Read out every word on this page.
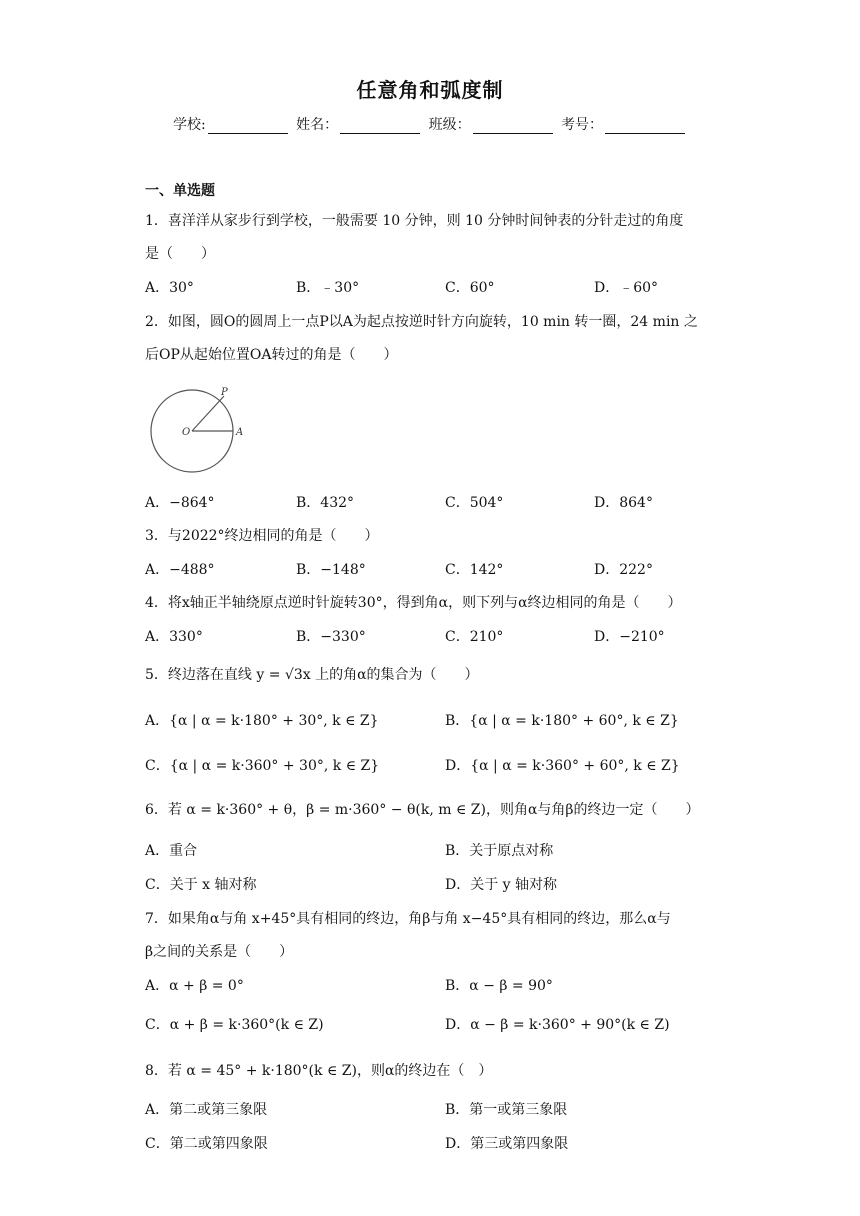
任意角和弧度制
学校:	姓名：	班级：	考号：
一、单选题
1．喜洋洋从家步行到学校，一般需要 10 分钟，则 10 分钟时间钟表的分针走过的角度
是（　　）
A．30°	B．﹣30°	C．60°	D．﹣60°
2．如图，圆O的圆周上一点P以A为起点按逆时针方向旋转，10 min 转一圈，24 min 之
后OP从起始位置OA转过的角是（　　）
P
O	A
A．−864°	B．432°	C．504°	D．864°
3．与2022°终边相同的角是（　　）
A．−488°	B．−148°	C．142°	D．222°
4．将x轴正半轴绕原点逆时针旋转30°，得到角α，则下列与α终边相同的角是（　　）
A．330°	B．−330°	C．210°	D．−210°
5．终边落在直线 y = √3x 上的角α的集合为（　　）
A．{α | α = k·180° + 30°, k ∈ Z}	B．{α | α = k·180° + 60°, k ∈ Z}
C．{α | α = k·360° + 30°, k ∈ Z}	D．{α | α = k·360° + 60°, k ∈ Z}
6．若 α = k·360° + θ，β = m·360° − θ(k, m ∈ Z)，则角α与角β的终边一定（　　）
A．重合	B．关于原点对称
C．关于 x 轴对称	D．关于 y 轴对称
7．如果角α与角 x+45°具有相同的终边，角β与角 x−45°具有相同的终边，那么α与
β之间的关系是（　　）
A．α + β = 0°	B．α − β = 90°
C．α + β = k·360°(k ∈ Z)	D．α − β = k·360° + 90°(k ∈ Z)
8．若 α = 45° + k·180°(k ∈ Z)，则α的终边在（　）
A．第二或第三象限	B．第一或第三象限
C．第二或第四象限	D．第三或第四象限
